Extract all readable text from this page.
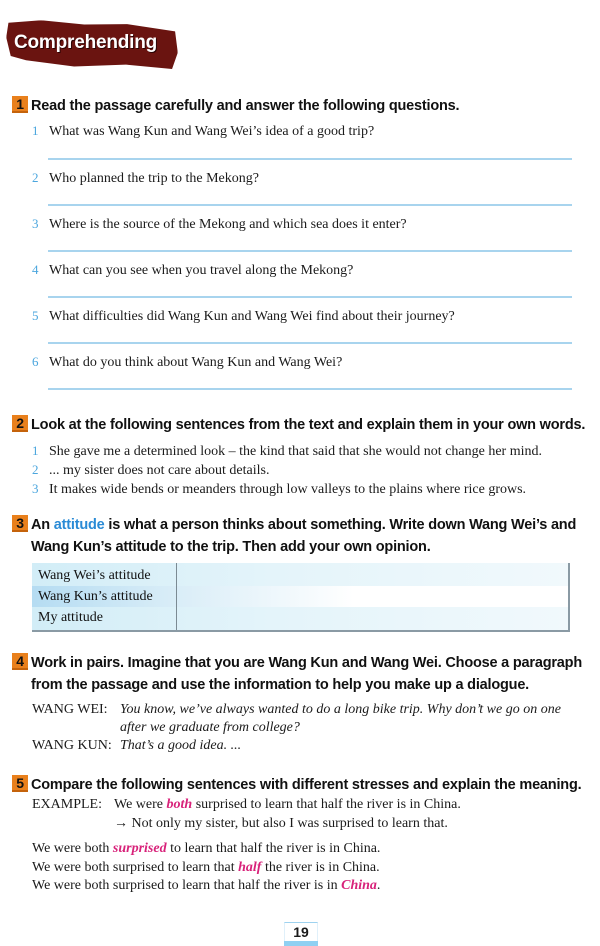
Comprehending
1 Read the passage carefully and answer the following questions.
1 What was Wang Kun and Wang Wei’s idea of a good trip?
2 Who planned the trip to the Mekong?
3 Where is the source of the Mekong and which sea does it enter?
4 What can you see when you travel along the Mekong?
5 What difficulties did Wang Kun and Wang Wei find about their journey?
6 What do you think about Wang Kun and Wang Wei?
2 Look at the following sentences from the text and explain them in your own words.
1 She gave me a determined look – the kind that said that she would not change her mind.
2 ... my sister does not care about details.
3 It makes wide bends or meanders through low valleys to the plains where rice grows.
3 An attitude is what a person thinks about something. Write down Wang Wei’s and
Wang Kun’s attitude to the trip. Then add your own opinion.
Wang Wei’s attitude
Wang Kun’s attitude
My attitude
4 Work in pairs. Imagine that you are Wang Kun and Wang Wei. Choose a paragraph
from the passage and use the information to help you make up a dialogue.
WANG WEI: You know, we’ve always wanted to do a long bike trip. Why don’t we go on one
after we graduate from college?
WANG KUN: That’s a good idea. ...
5 Compare the following sentences with different stresses and explain the meaning.
EXAMPLE: We were both surprised to learn that half the river is in China.
→ Not only my sister, but also I was surprised to learn that.
We were both surprised to learn that half the river is in China.
We were both surprised to learn that half the river is in China.
We were both surprised to learn that half the river is in China.
19
